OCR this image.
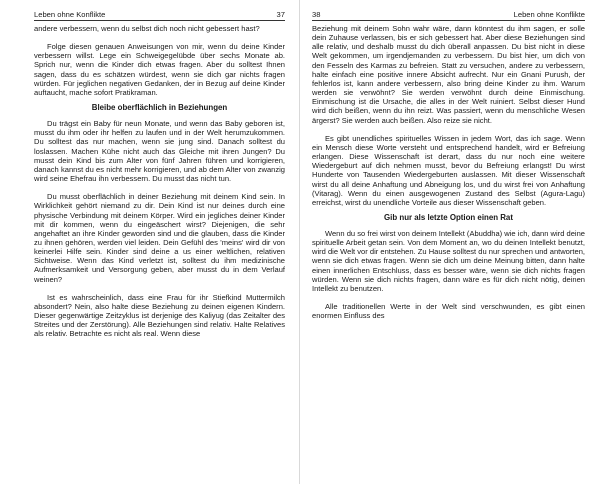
Leben ohne Konflikte	37

andere verbessern, wenn du selbst dich noch nicht gebessert hast?

Folge diesen genauen Anweisungen von mir, wenn du deine Kinder verbessern willst. Lege ein Schweigegelübde über sechs Monate ab. Sprich nur, wenn die Kinder dich etwas fragen. Aber du solltest Ihnen sagen, dass du es schätzen würdest, wenn sie dich gar nichts fragen würden. Für jeglichen negativen Gedanken, der in Bezug auf deine Kinder auftaucht, mache sofort Pratikraman.

Bleibe oberflächlich in Beziehungen

Du trägst ein Baby für neun Monate, und wenn das Baby geboren ist, musst du ihm oder ihr helfen zu laufen und in der Welt herumzukommen. Du solltest das nur machen, wenn sie jung sind. Danach solltest du loslassen. Machen Kühe nicht auch das Gleiche mit ihren Jungen? Du musst dein Kind bis zum Alter von fünf Jahren führen und korrigieren, danach kannst du es nicht mehr korrigieren, und ab dem Alter von zwanzig wird seine Ehefrau ihn verbessern. Du musst das nicht tun.

Du musst oberflächlich in deiner Beziehung mit deinem Kind sein. In Wirklichkeit gehört niemand zu dir. Dein Kind ist nur deines durch eine physische Verbindung mit deinem Körper. Wird ein jegliches deiner Kinder mit dir kommen, wenn du eingeäschert wirst? Diejenigen, die sehr angehaftet an ihre Kinder geworden sind und die glauben, dass die Kinder zu ihnen gehören, werden viel leiden. Dein Gefühl des 'meins' wird dir von keinerlei Hilfe sein. Kinder sind deine a us einer weltlichen, relativen Sichtweise. Wenn das Kind verletzt ist, solltest du ihm medizinische Aufmerksamkeit und Versorgung geben, aber musst du in dem Verlauf weinen?

Ist es wahrscheinlich, dass eine Frau für ihr Stiefkind Muttermilch absondert? Nein, also halte diese Beziehung zu deinen eigenen Kindern. Dieser gegenwärtige Zeitzyklus ist derjenige des Kaliyug (das Zeitalter des Streites und der Zerstörung). Alle Beziehungen sind relativ. Halte Relatives als relativ. Betrachte es nicht als real. Wenn diese

38	Leben ohne Konflikte

Beziehung mit deinem Sohn wahr wäre, dann könntest du ihm sagen, er solle dein Zuhause verlassen, bis er sich gebessert hat. Aber diese Beziehungen sind alle relativ, und deshalb musst du dich überall anpassen. Du bist nicht in diese Welt gekommen, um irgendjemanden zu verbessern. Du bist hier, um dich von den Fesseln des Karmas zu befreien. Statt zu versuchen, andere zu verbessern, halte einfach eine positive innere Absicht aufrecht. Nur ein Gnani Purush, der fehlerlos ist, kann andere verbessern, also bring deine Kinder zu ihm. Warum werden sie verwöhnt? Sie werden verwöhnt durch deine Einmischung. Einmischung ist die Ursache, die alles in der Welt ruiniert. Selbst dieser Hund wird dich beißen, wenn du ihn reizt. Was passiert, wenn du menschliche Wesen ärgerst? Sie werden auch beißen. Also reize sie nicht.

Es gibt unendliches spirituelles Wissen in jedem Wort, das ich sage. Wenn ein Mensch diese Worte versteht und entsprechend handelt, wird er Befreiung erlangen. Diese Wissenschaft ist derart, dass du nur noch eine weitere Wiedergeburt auf dich nehmen musst, bevor du Befreiung erlangst! Du wirst Hunderte von Tausenden Wiedergeburten auslassen. Mit dieser Wissenschaft wirst du all deine Anhaftung und Abneigung los, und du wirst frei von Anhaftung (Vitarag). Wenn du einen ausgewogenen Zustand des Selbst (Agura-Lagu) erreichst, wirst du unendliche Vorteile aus dieser Wissenschaft geben.

Gib nur als letzte Option einen Rat

Wenn du so frei wirst von deinem Intellekt (Abuddha) wie ich, dann wird deine spirituelle Arbeit getan sein. Von dem Moment an, wo du deinen Intellekt benutzt, wird die Welt vor dir entstehen. Zu Hause solltest du nur sprechen und antworten, wenn sie dich etwas fragen. Wenn sie dich um deine Meinung bitten, dann halte einen innerlichen Entschluss, dass es besser wäre, wenn sie dich nichts fragen würden. Wenn sie dich nichts fragen, dann wäre es für dich nicht nötig, deinen Intellekt zu benutzen.

Alle traditionellen Werte in der Welt sind verschwunden, es gibt einen enormen Einfluss des
